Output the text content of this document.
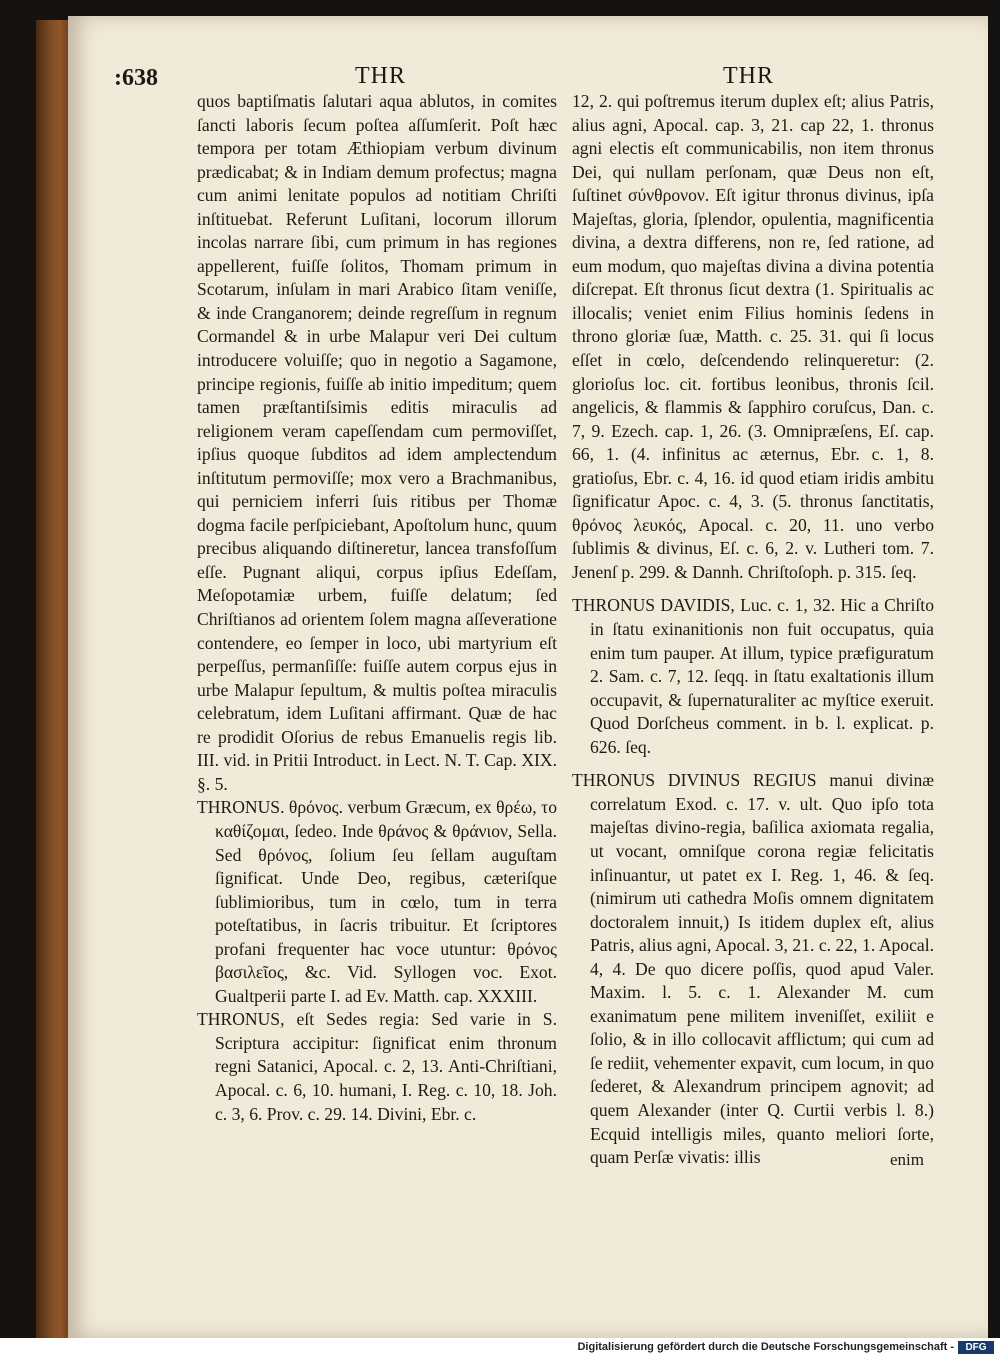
:638	THR	THR

quos baptiſmatis ſalutari aqua ablutos, in comites ſancti laboris ſecum poſtea aſſumſerit. Poſt hæc tempora per totam Æthiopiam verbum divinum prædicabat; & in Indiam demum profectus; magna cum animi lenitate populos ad notitiam Chriſti inſtituebat. Referunt Luſitani, locorum illorum incolas narrare ſibi, cum primum in has regiones appellerent, fuiſſe ſolitos, Thomam primum in Scotarum, inſulam in mari Arabico ſitam veniſſe, & inde Cranganorem; deinde regreſſum in regnum Cormandel & in urbe Malapur veri Dei cultum introducere voluiſſe; quo in negotio a Sagamone, principe regionis, fuiſſe ab initio impeditum; quem tamen præſtantiſsimis editis miraculis ad religionem veram capeſſendam cum permoviſſet, ipſius quoque ſubditos ad idem amplectendum inſtitutum permoviſſe; mox vero a Brachmanibus, qui perniciem inferri ſuis ritibus per Thomæ dogma facile perſpiciebant, Apoſtolum hunc, quum precibus aliquando diſtineretur, lancea transfoſſum eſſe. Pugnant aliqui, corpus ipſius Edeſſam, Meſopotamiæ urbem, fuiſſe delatum; ſed Chriſtianos ad orientem ſolem magna aſſeveratione contendere, eo ſemper in loco, ubi martyrium eſt perpeſſus, permanſiſſe: fuiſſe autem corpus ejus in urbe Malapur ſepultum, & multis poſtea miraculis celebratum, idem Luſitani affirmant. Quæ de hac re prodidit Oſorius de rebus Emanuelis regis lib. III. vid. in Pritii Introduct. in Lect. N. T. Cap. XIX. §. 5.

THRONUS. θρόνος. verbum Græcum, ex θρέω, το καθίζομαι, ſedeo. Inde θράνος & θράνιον, Sella. Sed θρόνος, ſolium ſeu ſellam auguſtam ſignificat. Unde Deo, regibus, cæteriſque ſublimioribus, tum in cœlo, tum in terra poteſtatibus, in ſacris tribuitur. Et ſcriptores profani frequenter hac voce utuntur: θρόνος βασιλεῖος, &c. Vid. Syllogen voc. Exot. Gualtperii parte I. ad Ev. Matth. cap. XXXIII.

THRONUS, eſt Sedes regia: Sed varie in S. Scriptura accipitur: ſignificat enim thronum regni Satanici, Apocal. c. 2, 13. Anti-Chriſtiani, Apocal. c. 6, 10. humani, I. Reg. c. 10, 18. Joh. c. 3, 6. Prov. c. 29. 14. Divini, Ebr. c.

12, 2. qui poſtremus iterum duplex eſt; alius Patris, alius agni, Apocal. cap. 3, 21. cap 22, 1. thronus agni electis eſt communicabilis, non item thronus Dei, qui nullam perſonam, quæ Deus non eſt, ſuſtinet σύνθρονον. Eſt igitur thronus divinus, ipſa Majeſtas, gloria, ſplendor, opulentia, magnificentia divina, a dextra differens, non re, ſed ratione, ad eum modum, quo majeſtas divina a divina potentia diſcrepat. Eſt thronus ſicut dextra (1. Spiritualis ac illocalis; veniet enim Filius hominis ſedens in throno gloriæ ſuæ, Matth. c. 25. 31. qui ſi locus eſſet in cœlo, deſcendendo relinqueretur: (2. glorioſus loc. cit. fortibus leonibus, thronis ſcil. angelicis, & flammis & ſapphiro coruſcus, Dan. c. 7, 9. Ezech. cap. 1, 26. (3. Omnipræſens, Eſ. cap. 66, 1. (4. infinitus ac æternus, Ebr. c. 1, 8. gratioſus, Ebr. c. 4, 16. id quod etiam iridis ambitu ſignificatur Apoc. c. 4, 3. (5. thronus ſanctitatis, θρόνος λευκός, Apocal. c. 20, 11. uno verbo ſublimis & divinus, Eſ. c. 6, 2. v. Lutheri tom. 7. Jenenſ p. 299. & Dannh. Chriſtoſoph. p. 315. ſeq.

THRONUS DAVIDIS, Luc. c. 1, 32. Hic a Chriſto in ſtatu exinanitionis non fuit occupatus, quia enim tum pauper. At illum, typice præfiguratum 2. Sam. c. 7, 12. ſeqq. in ſtatu exaltationis illum occupavit, & ſupernaturaliter ac myſtice exeruit. Quod Dorſcheus comment. in b. l. explicat. p. 626. ſeq.

THRONUS DIVINUS REGIUS manui divinæ correlatum Exod. c. 17. v. ult. Quo ipſo tota majeſtas divino-regia, baſilica axiomata regalia, ut vocant, omniſque corona regiæ felicitatis inſinuantur, ut patet ex I. Reg. 1, 46. & ſeq. (nimirum uti cathedra Moſis omnem dignitatem doctoralem innuit,) Is itidem duplex eſt, alius Patris, alius agni, Apocal. 3, 21. c. 22, 1. Apocal. 4, 4. De quo dicere poſſis, quod apud Valer. Maxim. l. 5. c. 1. Alexander M. cum exanimatum pene militem inveniſſet, exiliit e ſolio, & in illo collocavit afflictum; qui cum ad ſe rediit, vehementer expavit, cum locum, in quo ſederet, & Alexandrum principem agnovit; ad quem Alexander (inter Q. Curtii verbis l. 8.) Ecquid intelligis miles, quanto meliori ſorte, quam Perſæ vivatis: illis	enim
Digitalisierung gefördert durch die Deutsche Forschungsgemeinschaft -	DFG
